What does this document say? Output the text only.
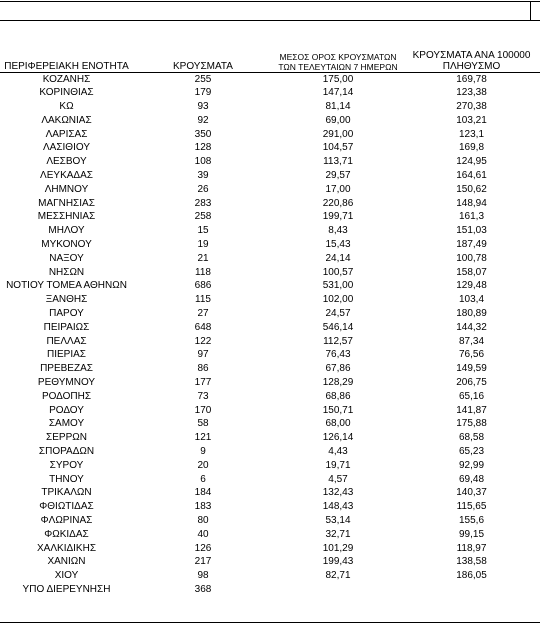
ΠΕΡΙΦΕΡΕΙΑΚΗ ΕΝΟΤΗΤΑ	ΚΡΟΥΣΜΑΤΑ	ΜΕΣΟΣ ΟΡΟΣ ΚΡΟΥΣΜΑΤΩΝ ΤΩΝ ΤΕΛΕΥΤΑΙΩΝ 7 ΗΜΕΡΩΝ	ΚΡΟΥΣΜΑΤΑ ΑΝΑ 100000 ΠΛΗΘΥΣΜΟ
ΚΟΖΑΝΗΣ	255	175,00	169,78
ΚΟΡΙΝΘΙΑΣ	179	147,14	123,38
ΚΩ	93	81,14	270,38
ΛΑΚΩΝΙΑΣ	92	69,00	103,21
ΛΑΡΙΣΑΣ	350	291,00	123,1
ΛΑΣΙΘΙΟΥ	128	104,57	169,8
ΛΕΣΒΟΥ	108	113,71	124,95
ΛΕΥΚΑΔΑΣ	39	29,57	164,61
ΛΗΜΝΟΥ	26	17,00	150,62
ΜΑΓΝΗΣΙΑΣ	283	220,86	148,94
ΜΕΣΣΗΝΙΑΣ	258	199,71	161,3
ΜΗΛΟΥ	15	8,43	151,03
ΜΥΚΟΝΟΥ	19	15,43	187,49
ΝΑΞΟΥ	21	24,14	100,78
ΝΗΣΩΝ	118	100,57	158,07
ΝΟΤΙΟΥ ΤΟΜΕΑ ΑΘΗΝΩΝ	686	531,00	129,48
ΞΑΝΘΗΣ	115	102,00	103,4
ΠΑΡΟΥ	27	24,57	180,89
ΠΕΙΡΑΙΩΣ	648	546,14	144,32
ΠΕΛΛΑΣ	122	112,57	87,34
ΠΙΕΡΙΑΣ	97	76,43	76,56
ΠΡΕΒΕΖΑΣ	86	67,86	149,59
ΡΕΘΥΜΝΟΥ	177	128,29	206,75
ΡΟΔΟΠΗΣ	73	68,86	65,16
ΡΟΔΟΥ	170	150,71	141,87
ΣΑΜΟΥ	58	68,00	175,88
ΣΕΡΡΩΝ	121	126,14	68,58
ΣΠΟΡΑΔΩΝ	9	4,43	65,23
ΣΥΡΟΥ	20	19,71	92,99
ΤΗΝΟΥ	6	4,57	69,48
ΤΡΙΚΑΛΩΝ	184	132,43	140,37
ΦΘΙΩΤΙΔΑΣ	183	148,43	115,65
ΦΛΩΡΙΝΑΣ	80	53,14	155,6
ΦΩΚΙΔΑΣ	40	32,71	99,15
ΧΑΛΚΙΔΙΚΗΣ	126	101,29	118,97
ΧΑΝΙΩΝ	217	199,43	138,58
ΧΙΟΥ	98	82,71	186,05
ΥΠΟ ΔΙΕΡΕΥΝΗΣΗ	368		
